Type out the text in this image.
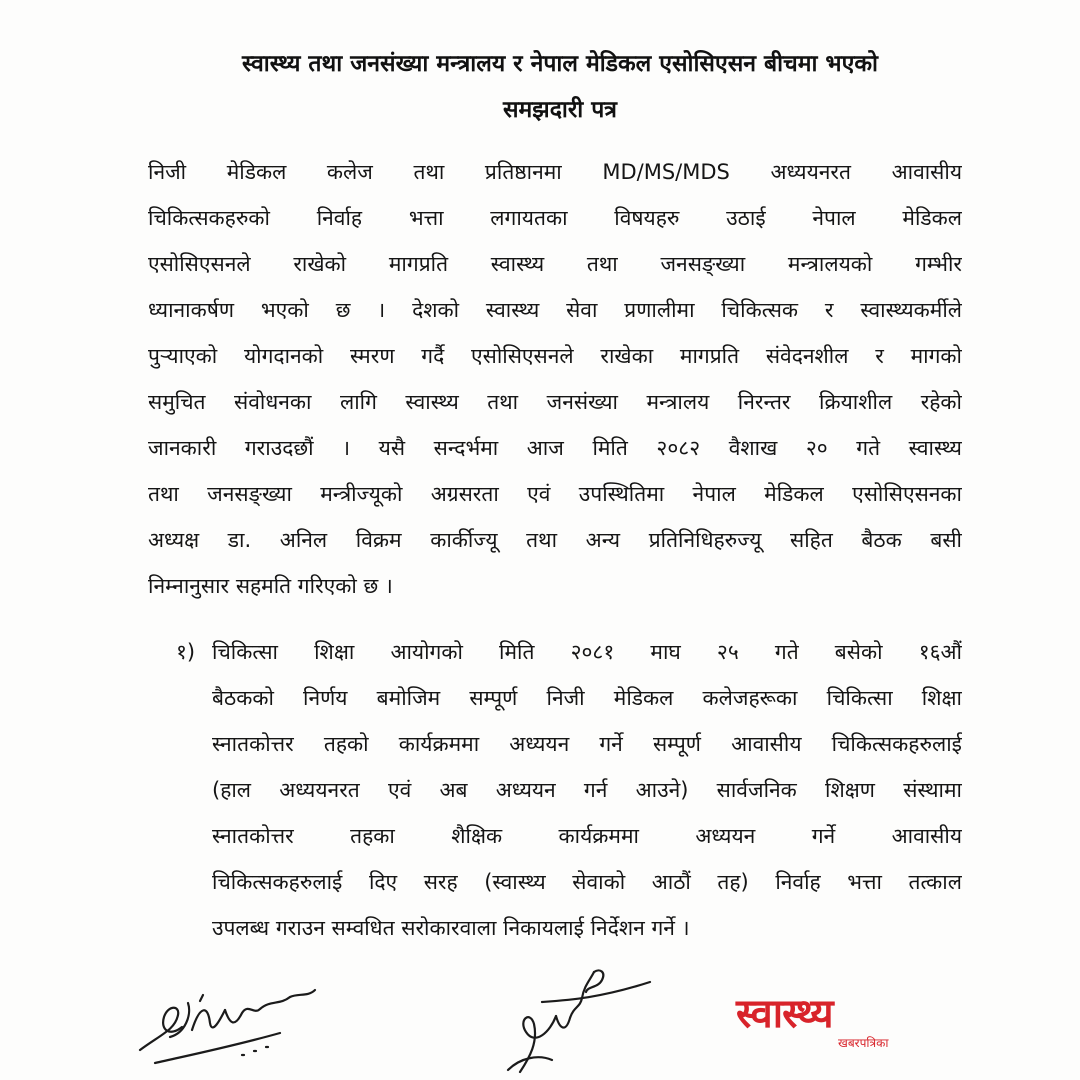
स्वास्थ्य तथा जनसंख्या मन्त्रालय र नेपाल मेडिकल एसोसिएसन बीचमा भएको
समझदारी पत्र
निजी मेडिकल कलेज तथा प्रतिष्ठानमा MD/MS/MDS अध्ययनरत आवासीय
चिकित्सकहरुको निर्वाह भत्ता लगायतका विषयहरु उठाई नेपाल मेडिकल
एसोसिएसनले राखेको मागप्रति स्वास्थ्य तथा जनसङ्ख्या मन्त्रालयको गम्भीर
ध्यानाकर्षण भएको छ । देशको स्वास्थ्य सेवा प्रणालीमा चिकित्सक र स्वास्थ्यकर्मीले
पुऱ्याएको योगदानको स्मरण गर्दै एसोसिएसनले राखेका मागप्रति संवेदनशील र मागको
समुचित संवोधनका लागि स्वास्थ्य तथा जनसंख्या मन्त्रालय निरन्तर क्रियाशील रहेको
जानकारी गराउदछौं । यसै सन्दर्भमा आज मिति २०८२ वैशाख २० गते स्वास्थ्य
तथा जनसङ्ख्या मन्त्रीज्यूको अग्रसरता एवं उपस्थितिमा नेपाल मेडिकल एसोसिएसनका
अध्यक्ष डा. अनिल विक्रम कार्कीज्यू तथा अन्य प्रतिनिधिहरुज्यू सहित बैठक बसी
निम्नानुसार सहमति गरिएको छ ।
१) चिकित्सा शिक्षा आयोगको मिति २०८१ माघ २५ गते बसेको १६औं
बैठकको निर्णय बमोजिम सम्पूर्ण निजी मेडिकल कलेजहरूका चिकित्सा शिक्षा
स्नातकोत्तर तहको कार्यक्रममा अध्ययन गर्ने सम्पूर्ण आवासीय चिकित्सकहरुलाई
(हाल अध्ययनरत एवं अब अध्ययन गर्न आउने) सार्वजनिक शिक्षण संस्थामा
स्नातकोत्तर तहका शैक्षिक कार्यक्रममा अध्ययन गर्ने आवासीय
चिकित्सकहरुलाई दिए सरह (स्वास्थ्य सेवाको आठौं तह) निर्वाह भत्ता तत्काल
उपलब्ध गराउन सम्वधित सरोकारवाला निकायलाई निर्देशन गर्ने ।
स्वास्थ्य
खबरपत्रिका
